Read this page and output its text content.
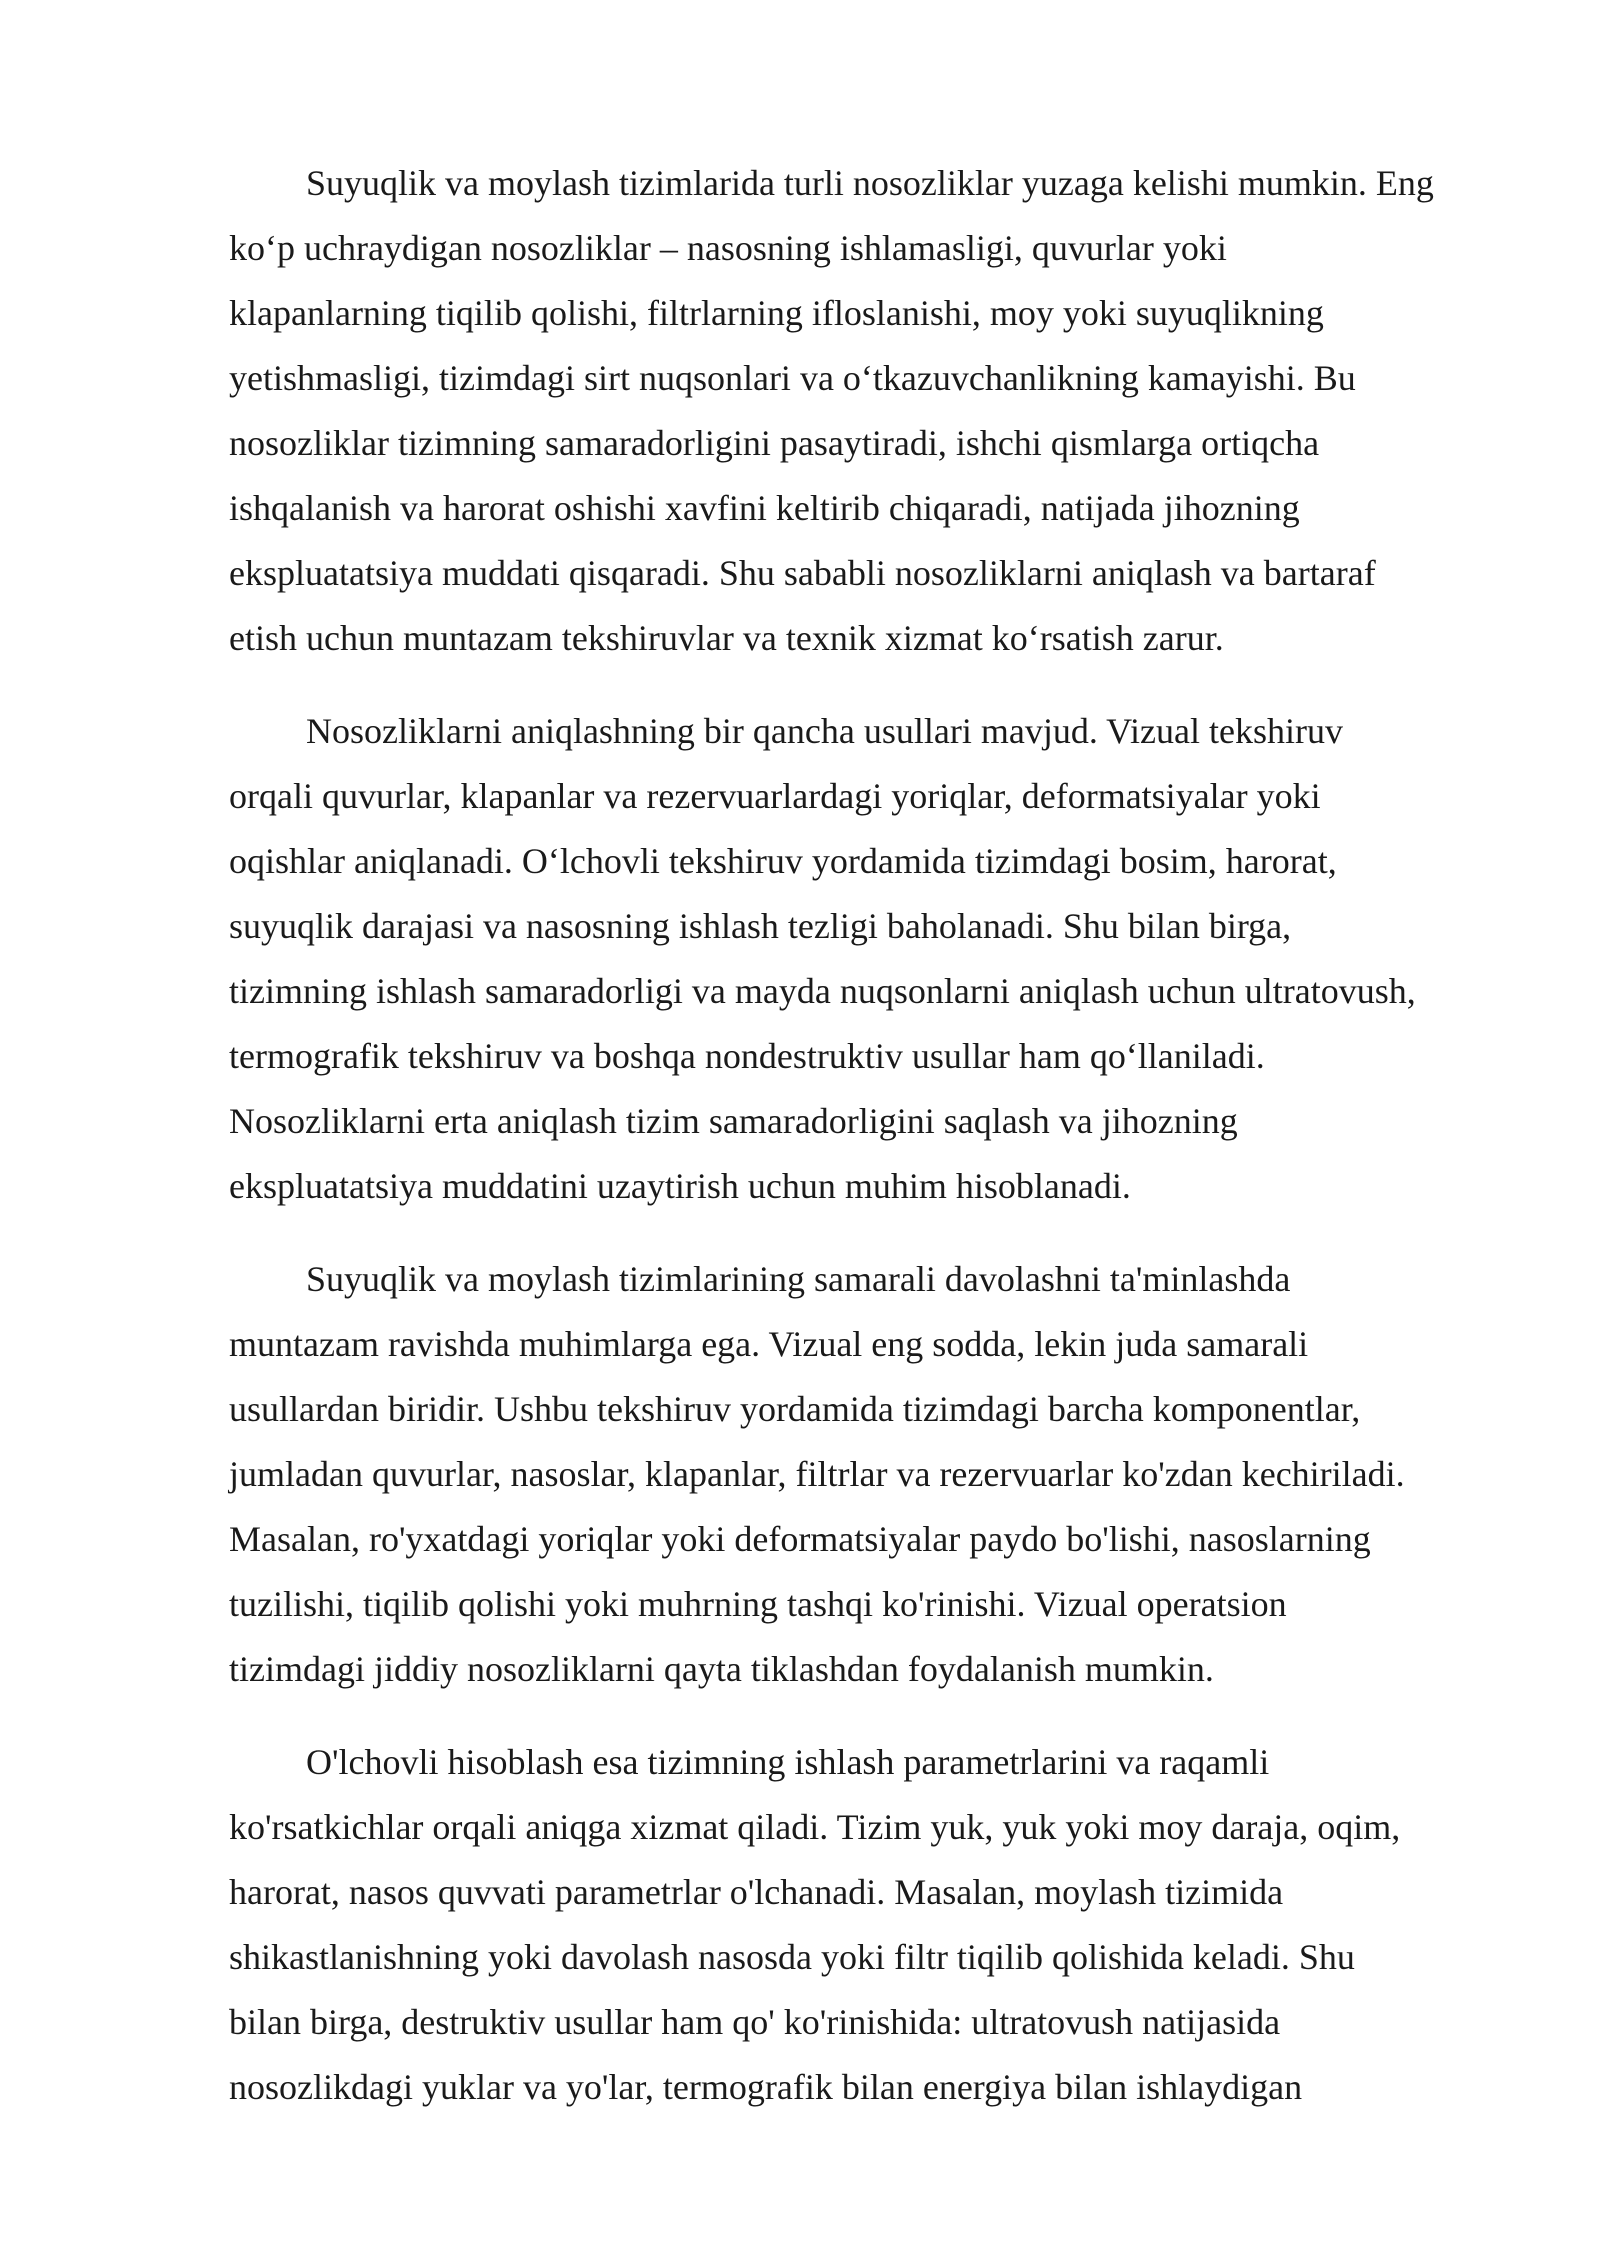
Suyuqlik va moylash tizimlarida turli nosozliklar yuzaga kelishi mumkin. Eng
koʻp uchraydigan nosozliklar – nasosning ishlamasligi, quvurlar yoki
klapanlarning tiqilib qolishi, filtrlarning ifloslanishi, moy yoki suyuqlikning
yetishmasligi, tizimdagi sirt nuqsonlari va oʻtkazuvchanlikning kamayishi. Bu
nosozliklar tizimning samaradorligini pasaytiradi, ishchi qismlarga ortiqcha
ishqalanish va harorat oshishi xavfini keltirib chiqaradi, natijada jihozning
ekspluatatsiya muddati qisqaradi. Shu sababli nosozliklarni aniqlash va bartaraf
etish uchun muntazam tekshiruvlar va texnik xizmat koʻrsatish zarur.

Nosozliklarni aniqlashning bir qancha usullari mavjud. Vizual tekshiruv
orqali quvurlar, klapanlar va rezervuarlardagi yoriqlar, deformatsiyalar yoki
oqishlar aniqlanadi. Oʻlchovli tekshiruv yordamida tizimdagi bosim, harorat,
suyuqlik darajasi va nasosning ishlash tezligi baholanadi. Shu bilan birga,
tizimning ishlash samaradorligi va mayda nuqsonlarni aniqlash uchun ultratovush,
termografik tekshiruv va boshqa nondestruktiv usullar ham qoʻllaniladi.
Nosozliklarni erta aniqlash tizim samaradorligini saqlash va jihozning
ekspluatatsiya muddatini uzaytirish uchun muhim hisoblanadi.

Suyuqlik va moylash tizimlarining samarali davolashni ta'minlashda
muntazam ravishda muhimlarga ega. Vizual eng sodda, lekin juda samarali
usullardan biridir. Ushbu tekshiruv yordamida tizimdagi barcha komponentlar,
jumladan quvurlar, nasoslar, klapanlar, filtrlar va rezervuarlar ko'zdan kechiriladi.
Masalan, ro'yxatdagi yoriqlar yoki deformatsiyalar paydo bo'lishi, nasoslarning
tuzilishi, tiqilib qolishi yoki muhrning tashqi ko'rinishi. Vizual operatsion
tizimdagi jiddiy nosozliklarni qayta tiklashdan foydalanish mumkin.

O'lchovli hisoblash esa tizimning ishlash parametrlarini va raqamli
ko'rsatkichlar orqali aniqga xizmat qiladi. Tizim yuk, yuk yoki moy daraja, oqim,
harorat, nasos quvvati parametrlar o'lchanadi. Masalan, moylash tizimida
shikastlanishning yoki davolash nasosda yoki filtr tiqilib qolishida keladi. Shu
bilan birga, destruktiv usullar ham qo' ko'rinishida: ultratovush natijasida
nosozlikdagi yuklar va yo'lar, termografik bilan energiya bilan ishlaydigan
